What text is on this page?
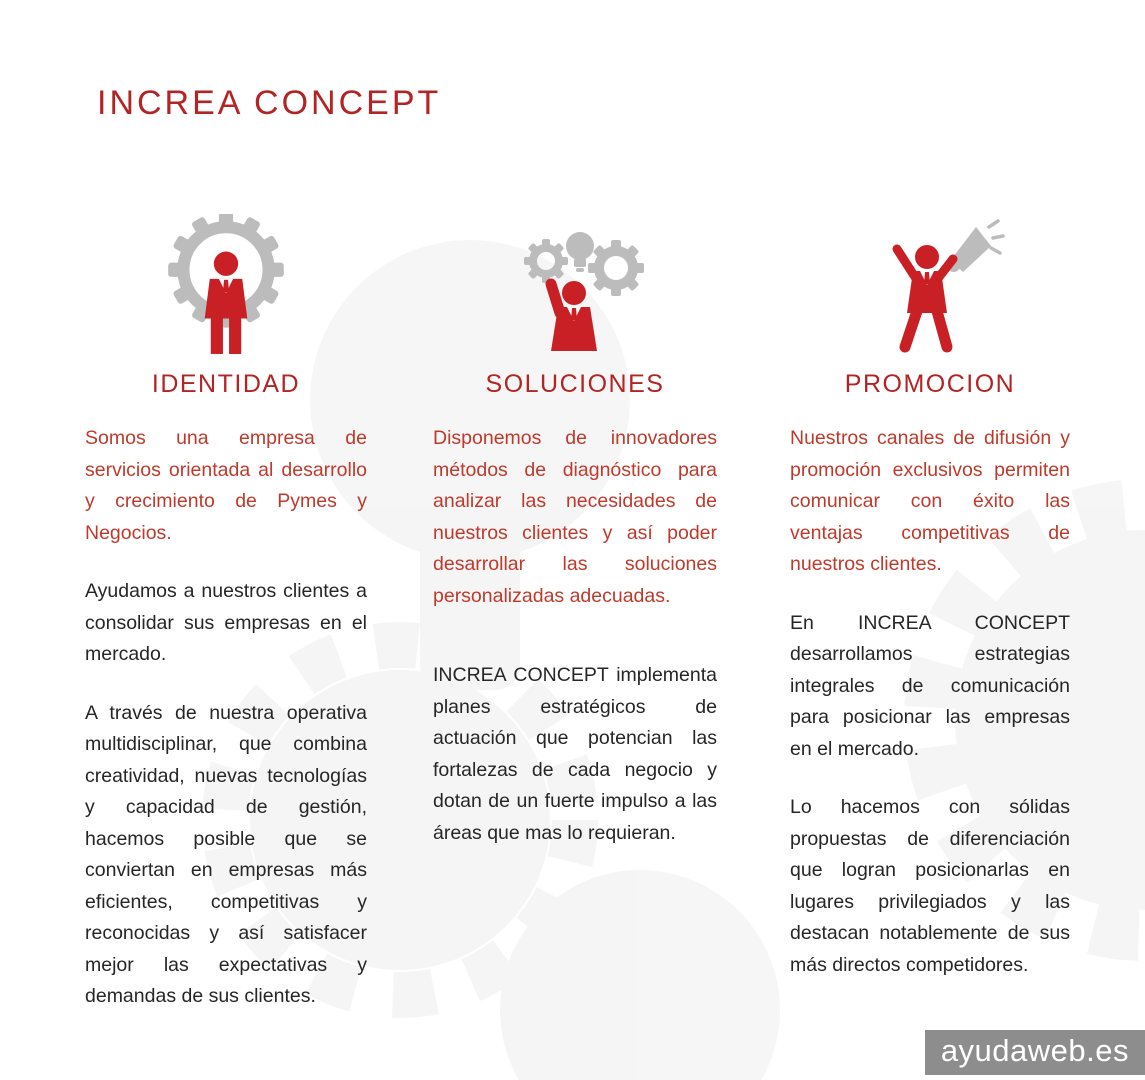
INCREA CONCEPT
IDENTIDAD

Somos una empresa de servicios orientada al desarrollo y crecimiento de Pymes y Negocios.

Ayudamos a nuestros clientes a consolidar sus empresas en el mercado.

A través de nuestra operativa multidisciplinar, que combina creatividad, nuevas tecnologías y capacidad de gestión, hacemos posible que se conviertan en empresas más eficientes, competitivas y reconocidas y así satisfacer mejor las expectativas y demandas de sus clientes.

SOLUCIONES

Disponemos de innovadores métodos de diagnóstico para analizar las necesidades de nuestros clientes y así poder desarrollar las soluciones personalizadas adecuadas.

INCREA CONCEPT implementa planes estratégicos de actuación que potencian las fortalezas de cada negocio y dotan de un fuerte impulso a las áreas que mas lo requieran.

PROMOCION

Nuestros canales de difusión y promoción exclusivos permiten comunicar con éxito las ventajas competitivas de nuestros clientes.

En INCREA CONCEPT desarrollamos estrategias integrales de comunicación para posicionar las empresas en el mercado.

Lo hacemos con sólidas propuestas de diferenciación que logran posicionarlas en lugares privilegiados y las destacan notablemente de sus más directos competidores.

ayudaweb.es
